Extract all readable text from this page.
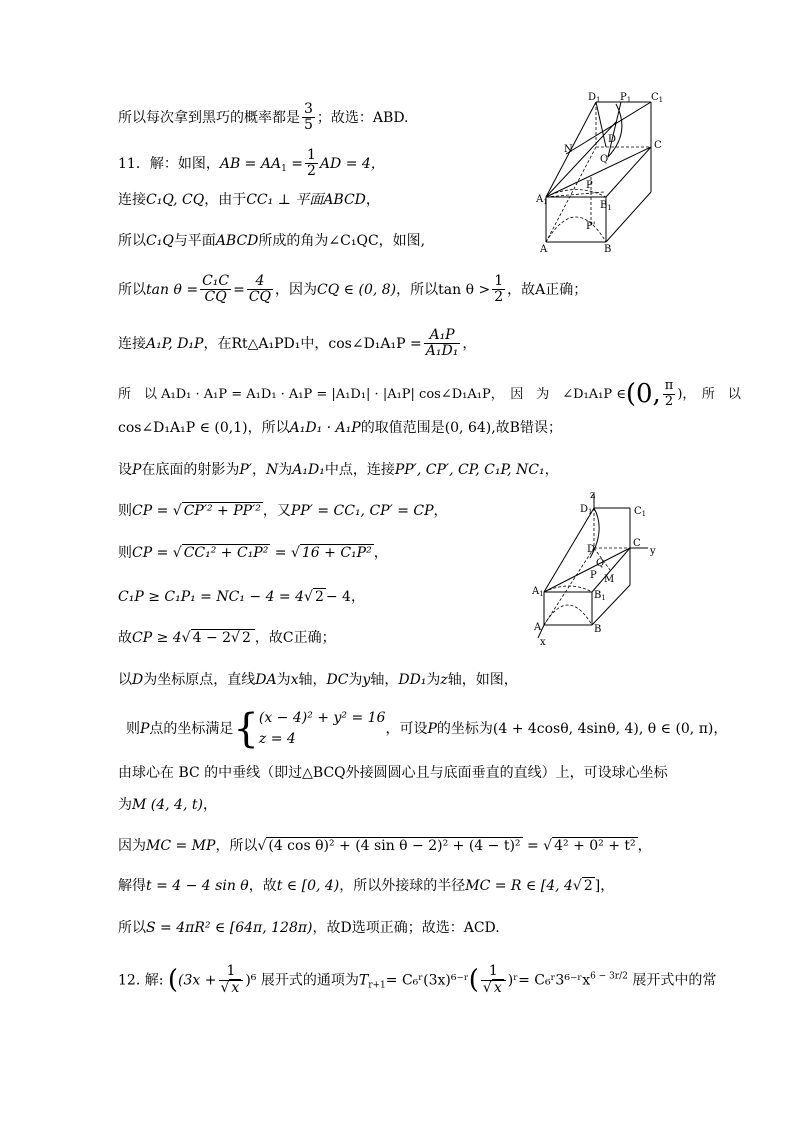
所以每次拿到黑巧的概率都是 $\frac{3}{5}$ ；故选：ABD.
11．解：如图，AB = $AA_1 = \frac{1}{2}$ AD = 4，
连接C₁Q, CQ，由于CC₁ ⊥ 平面ABCD，
所以C₁Q与平面ABCD所成的角为∠C₁QC，如图,
所以$\tan \theta = \frac{\text{C₁C}}{CQ} = \frac{4}{CQ}$ ，因为CQ ∈ (0, 8)，所以$\tan \theta > \frac{1}{2}$ ，故A正确；
连接A₁P, D₁P，在Rt△A₁PD₁中，cos∠D₁A₁P = $\frac{\text{A₁P}}{\text{A₁D₁}}$ ，
所　以 A₁D₁ · A₁P = A₁D₁ · A₁P = |A₁D₁| · |A₁P| cos∠D₁A₁P，　因　为　∠D₁A₁P ∈(0, $\frac{\pi}{2}$ )，　所　以
cos∠D₁A₁P ∈ (0,1)，所以A₁D₁ · A₁P的取值范围是(0, 64),故B错误；
设P在底面的射影为P′，N为A₁D₁中点，连接PP′, CP′, CP, C₁P, NC₁，
则CP = √ CP′² + PP′² ，又PP′ = CC₁, CP′ = CP，
则CP = √ CC₁² + C₁P² = √ 16 + C₁P² ，
C₁P ≥ C₁P₁ = NC₁ − 4 = 4√ 2 − 4，
故CP ≥ 4√ 4 − 2√ 2 ，故C正确；
以D为坐标原点，直线DA为x轴，DC为y轴，DD₁为z轴，如图，
则P点的坐标满足{ (x − 4)² + y² = 16
z = 4
，可设P的坐标为(4 + 4cosθ, 4sinθ, 4), θ ∈ (0, π)，
由球心在 BC 的中垂线（即过△BCQ外接圆圆心且与底面垂直的直线）上，可设球心坐标
为M (4, 4, t)，
因为MC = MP，所以√ (4 cos θ)² + (4 sin θ − 2)² + (4 − t)² = √ 4² + 0² + t² ，
解得t = 4 − 4 sin θ，故t ∈ [0, 4)，所以外接球的半径MC = R ∈ [4, 4√ 2 ]，
所以S = 4πR² ∈ [64π, 128π)，故D选项正确；故选：ACD.
12. 解: ($(3x + \frac{1}{√ x} )^6$ 展开式的通项为$T_{r+1}=$ C₆ʳ(3x)⁶⁻ʳ( $\frac{1}{√ x}$ )ʳ= C₆ʳ3⁶⁻ʳx$^{6 - 3r/2}$ 展开式中的常
$D_1$ $P_1$ $C_1$
D
C
N
Q
P
$A_1$	$B_1$
P'
A	B
z
$D_1$	$C_1$
D
C
y
Q
P M
$A_1$	$B_1$
A	B
x
